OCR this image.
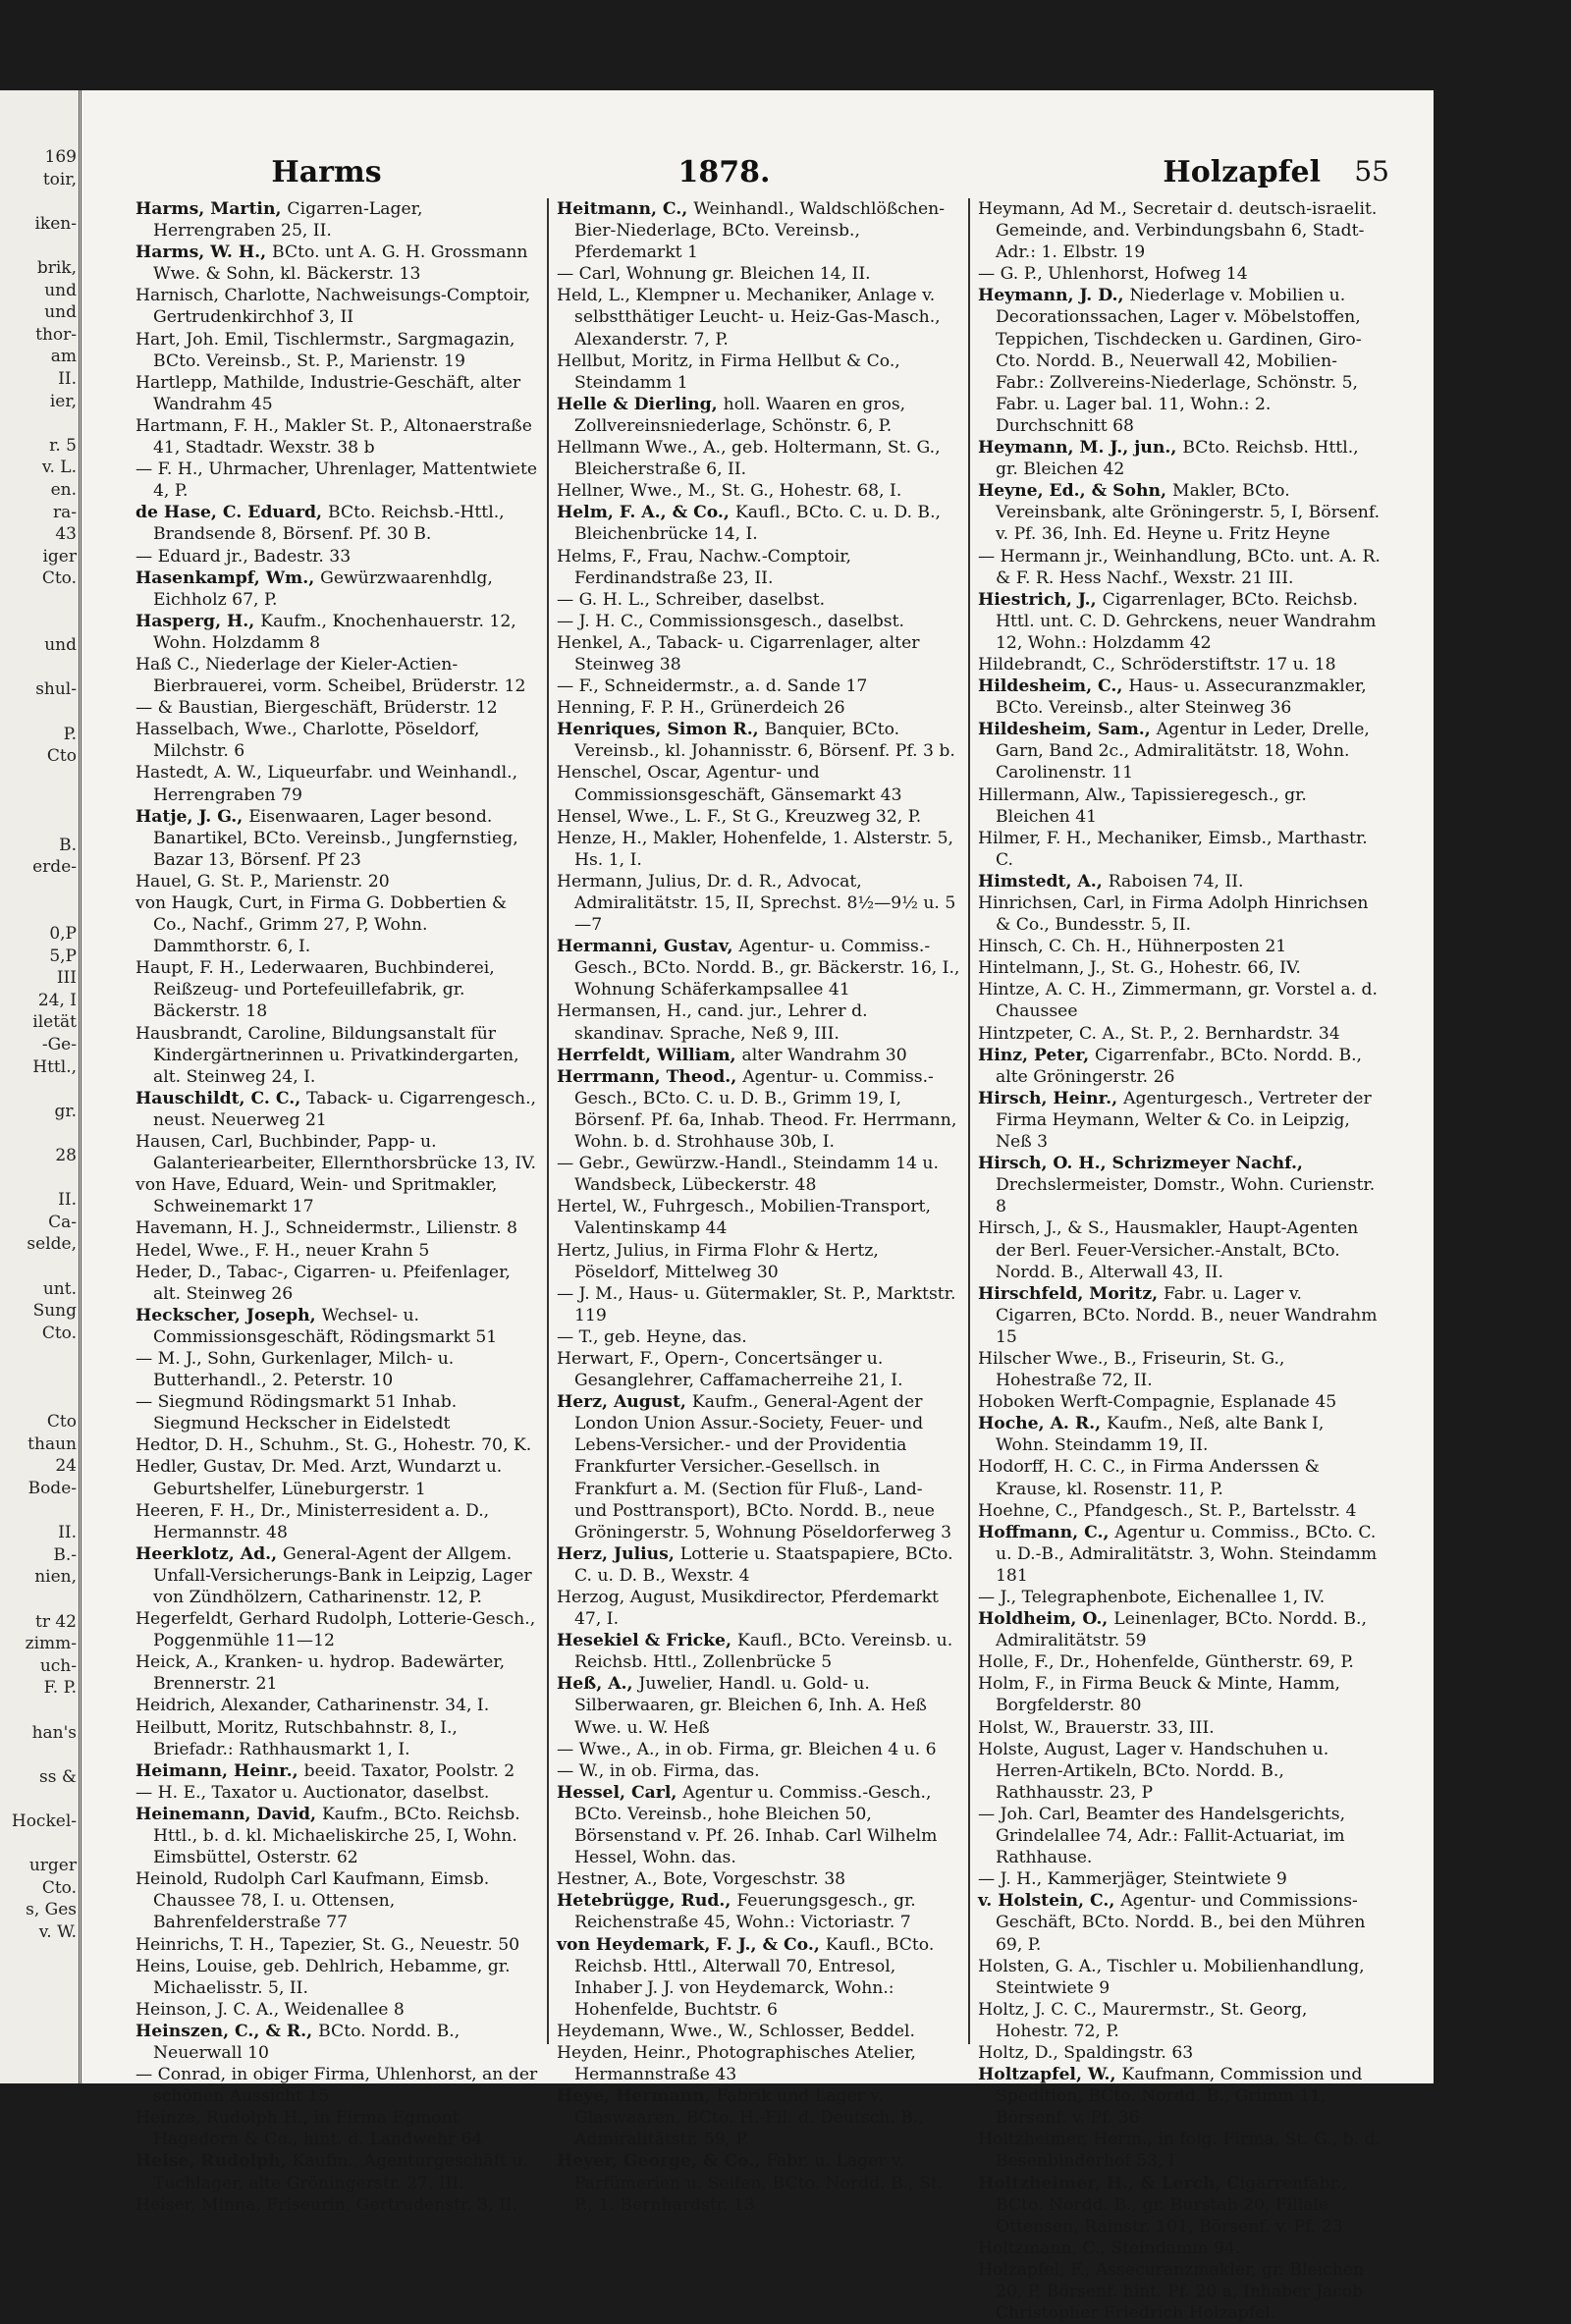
169
toir,
iken-
brik,
und
und
thor-
am
II.
ier,
r. 5
v. L.
en.
ra-
43
iger
Cto.
und
shul-
P.
Cto
B.
erde-
0,P
5,P
III
24, I
iletät
-Ge-
Httl.,
gr.
28
II.
Ca-
selde,
unt.
Sung
Cto.
Cto
thaun
24
Bode-
II.
B.-
nien,
tr 42
zimm-
uch-
F. P.
han's
ss &
Hockel-
urger
Cto.
s, Ges
v. W.
Harms	1878.	Holzapfel	55

Harms, Martin, Cigarren-Lager, Herrengraben 25, II.

Harms, W. H., BCto. unt A. G. H. Grossmann Wwe. & Sohn, kl. Bäckerstr. 13

Harnisch, Charlotte, Nachweisungs-Comptoir, Gertrudenkirchhof 3, II

Hart, Joh. Emil, Tischlermstr., Sargmagazin, BCto. Vereinsb., St. P., Marienstr. 19

Hartlepp, Mathilde, Industrie-Geschäft, alter Wandrahm 45

Hartmann, F. H., Makler St. P., Altonaerstraße 41, Stadtadr. Wexstr. 38 b

— F. H., Uhrmacher, Uhrenlager, Mattentwiete 4, P.

de Hase, C. Eduard, BCto. Reichsb.-Httl., Brandsende 8, Börsenf. Pf. 30 B.

— Eduard jr., Badestr. 33

Hasenkampf, Wm., Gewürzwaarenhdlg, Eichholz 67, P.

Hasperg, H., Kaufm., Knochenhauerstr. 12, Wohn. Holzdamm 8

Haß C., Niederlage der Kieler-Actien-Bierbrauerei, vorm. Scheibel, Brüderstr. 12

— & Baustian, Biergeschäft, Brüderstr. 12

Hasselbach, Wwe., Charlotte, Pöseldorf, Milchstr. 6

Hastedt, A. W., Liqueurfabr. und Weinhandl., Herrengraben 79

Hatje, J. G., Eisenwaaren, Lager besond. Banartikel, BCto. Vereinsb., Jungfernstieg, Bazar 13, Börsenf. Pf 23

Hauel, G. St. P., Marienstr. 20

von Haugk, Curt, in Firma G. Dobbertien & Co., Nachf., Grimm 27, P, Wohn. Dammthorstr. 6, I.

Haupt, F. H., Lederwaaren, Buchbinderei, Reißzeug- und Portefeuillefabrik, gr. Bäckerstr. 18

Hausbrandt, Caroline, Bildungsanstalt für Kindergärtnerinnen u. Privatkindergarten, alt. Steinweg 24, I.

Hauschildt, C. C., Taback- u. Cigarrengesch., neust. Neuerweg 21

Hausen, Carl, Buchbinder, Papp- u. Galanteriearbeiter, Ellernthorsbrücke 13, IV.

von Have, Eduard, Wein- und Spritmakler, Schweinemarkt 17

Havemann, H. J., Schneidermstr., Lilienstr. 8

Hedel, Wwe., F. H., neuer Krahn 5

Heder, D., Tabac-, Cigarren- u. Pfeifenlager, alt. Steinweg 26

Heckscher, Joseph, Wechsel- u. Commissionsgeschäft, Rödingsmarkt 51

— M. J., Sohn, Gurkenlager, Milch- u. Butterhandl., 2. Peterstr. 10

— Siegmund Rödingsmarkt 51 Inhab. Siegmund Heckscher in Eidelstedt

Hedtor, D. H., Schuhm., St. G., Hohestr. 70, K.

Hedler, Gustav, Dr. Med. Arzt, Wundarzt u. Geburtshelfer, Lüneburgerstr. 1

Heeren, F. H., Dr., Ministerresident a. D., Hermannstr. 48

Heerklotz, Ad., General-Agent der Allgem. Unfall-Versicherungs-Bank in Leipzig, Lager von Zündhölzern, Catharinenstr. 12, P.

Hegerfeldt, Gerhard Rudolph, Lotterie-Gesch., Poggenmühle 11—12

Heick, A., Kranken- u. hydrop. Badewärter, Brennerstr. 21

Heidrich, Alexander, Catharinenstr. 34, I.

Heilbutt, Moritz, Rutschbahnstr. 8, I., Briefadr.: Rathhausmarkt 1, I.

Heimann, Heinr., beeid. Taxator, Poolstr. 2

— H. E., Taxator u. Auctionator, daselbst.

Heinemann, David, Kaufm., BCto. Reichsb. Httl., b. d. kl. Michaeliskirche 25, I, Wohn. Eimsbüttel, Osterstr. 62

Heinold, Rudolph Carl Kaufmann, Eimsb. Chaussee 78, I. u. Ottensen, Bahrenfelderstraße 77

Heinrichs, T. H., Tapezier, St. G., Neuestr. 50

Heins, Louise, geb. Dehlrich, Hebamme, gr. Michaelisstr. 5, II.

Heinson, J. C. A., Weidenallee 8

Heinszen, C., & R., BCto. Nordd. B., Neuerwall 10

— Conrad, in obiger Firma, Uhlenhorst, an der schönen Aussicht 15

Heinze, Rudolph H., in Firma Egmont Hagedorn & Co., hint. d. Landwehr 64

Heise, Rudolph, Kaufm., Agenturgeschäft u. Tuchlager, alte Gröningerstr. 27, III.

Heiser, Minna, Friseurin, Gertrudenstr. 3, II.

Heitmann, C., Weinhandl., Waldschlößchen-Bier-Niederlage, BCto. Vereinsb., Pferdemarkt 1

— Carl, Wohnung gr. Bleichen 14, II.

Held, L., Klempner u. Mechaniker, Anlage v. selbstthätiger Leucht- u. Heiz-Gas-Masch., Alexanderstr. 7, P.

Hellbut, Moritz, in Firma Hellbut & Co., Steindamm 1

Helle & Dierling, holl. Waaren en gros, Zollvereinsniederlage, Schönstr. 6, P.

Hellmann Wwe., A., geb. Holtermann, St. G., Bleicherstraße 6, II.

Hellner, Wwe., M., St. G., Hohestr. 68, I.

Helm, F. A., & Co., Kaufl., BCto. C. u. D. B., Bleichenbrücke 14, I.

Helms, F., Frau, Nachw.-Comptoir, Ferdinandstraße 23, II.

— G. H. L., Schreiber, daselbst.

— J. H. C., Commissionsgesch., daselbst.

Henkel, A., Taback- u. Cigarrenlager, alter Steinweg 38

— F., Schneidermstr., a. d. Sande 17

Henning, F. P. H., Grünerdeich 26

Henriques, Simon R., Banquier, BCto. Vereinsb., kl. Johannisstr. 6, Börsenf. Pf. 3 b.

Henschel, Oscar, Agentur- und Commissionsgeschäft, Gänsemarkt 43

Hensel, Wwe., L. F., St G., Kreuzweg 32, P.

Henze, H., Makler, Hohenfelde, 1. Alsterstr. 5, Hs. 1, I.

Hermann, Julius, Dr. d. R., Advocat, Admiralitätstr. 15, II, Sprechst. 8½—9½ u. 5—7

Hermanni, Gustav, Agentur- u. Commiss.-Gesch., BCto. Nordd. B., gr. Bäckerstr. 16, I., Wohnung Schäferkampsallee 41

Hermansen, H., cand. jur., Lehrer d. skandinav. Sprache, Neß 9, III.

Herrfeldt, William, alter Wandrahm 30

Herrmann, Theod., Agentur- u. Commiss.-Gesch., BCto. C. u. D. B., Grimm 19, I, Börsenf. Pf. 6a, Inhab. Theod. Fr. Herrmann, Wohn. b. d. Strohhause 30b, I.

— Gebr., Gewürzw.-Handl., Steindamm 14 u. Wandsbeck, Lübeckerstr. 48

Hertel, W., Fuhrgesch., Mobilien-Transport, Valentinskamp 44

Hertz, Julius, in Firma Flohr & Hertz, Pöseldorf, Mittelweg 30

— J. M., Haus- u. Gütermakler, St. P., Marktstr. 119

— T., geb. Heyne, das.

Herwart, F., Opern-, Concertsänger u. Gesanglehrer, Caffamacherreihe 21, I.

Herz, August, Kaufm., General-Agent der London Union Assur.-Society, Feuer- und Lebens-Versicher.- und der Providentia Frankfurter Versicher.-Gesellsch. in Frankfurt a. M. (Section für Fluß-, Land- und Posttransport), BCto. Nordd. B., neue Gröningerstr. 5, Wohnung Pöseldorferweg 3

Herz, Julius, Lotterie u. Staatspapiere, BCto. C. u. D. B., Wexstr. 4

Herzog, August, Musikdirector, Pferdemarkt 47, I.

Hesekiel & Fricke, Kaufl., BCto. Vereinsb. u. Reichsb. Httl., Zollenbrücke 5

Heß, A., Juwelier, Handl. u. Gold- u. Silberwaaren, gr. Bleichen 6, Inh. A. Heß Wwe. u. W. Heß

— Wwe., A., in ob. Firma, gr. Bleichen 4 u. 6

— W., in ob. Firma, das.

Hessel, Carl, Agentur u. Commiss.-Gesch., BCto. Vereinsb., hohe Bleichen 50, Börsenstand v. Pf. 26. Inhab. Carl Wilhelm Hessel, Wohn. das.

Hestner, A., Bote, Vorgeschstr. 38

Hetebrügge, Rud., Feuerungsgesch., gr. Reichenstraße 45, Wohn.: Victoriastr. 7

von Heydemark, F. J., & Co., Kaufl., BCto. Reichsb. Httl., Alterwall 70, Entresol, Inhaber J. J. von Heydemarck, Wohn.: Hohenfelde, Buchtstr. 6

Heydemann, Wwe., W., Schlosser, Beddel.

Heyden, Heinr., Photographisches Atelier, Hermannstraße 43

Heye, Hermann, Fabrik und Lager v. Glaswaaren, BCto. H.-Fil. d. Deutsch. B., Admiralitätstr. 59, P.

Heyer, George, & Co., Fabr. u. Lager v. Parfümerien u. Seifen, BCto. Nordd. B., St. P., 1. Bernhardstr. 13

Heymann, Ad M., Secretair d. deutsch-israelit. Gemeinde, and. Verbindungsbahn 6, Stadt-Adr.: 1. Elbstr. 19

— G. P., Uhlenhorst, Hofweg 14

Heymann, J. D., Niederlage v. Mobilien u. Decorationssachen, Lager v. Möbelstoffen, Teppichen, Tischdecken u. Gardinen, Giro-Cto. Nordd. B., Neuerwall 42, Mobilien-Fabr.: Zollvereins-Niederlage, Schönstr. 5, Fabr. u. Lager bal. 11, Wohn.: 2. Durchschnitt 68

Heymann, M. J., jun., BCto. Reichsb. Httl., gr. Bleichen 42

Heyne, Ed., & Sohn, Makler, BCto. Vereinsbank, alte Gröningerstr. 5, I, Börsenf. v. Pf. 36, Inh. Ed. Heyne u. Fritz Heyne

— Hermann jr., Weinhandlung, BCto. unt. A. R. & F. R. Hess Nachf., Wexstr. 21 III.

Hiestrich, J., Cigarrenlager, BCto. Reichsb. Httl. unt. C. D. Gehrckens, neuer Wandrahm 12, Wohn.: Holzdamm 42

Hildebrandt, C., Schröderstiftstr. 17 u. 18

Hildesheim, C., Haus- u. Assecuranzmakler, BCto. Vereinsb., alter Steinweg 36

Hildesheim, Sam., Agentur in Leder, Drelle, Garn, Band 2c., Admiralitätstr. 18, Wohn. Carolinenstr. 11

Hillermann, Alw., Tapissieregesch., gr. Bleichen 41

Hilmer, F. H., Mechaniker, Eimsb., Marthastr. C.

Himstedt, A., Raboisen 74, II.

Hinrichsen, Carl, in Firma Adolph Hinrichsen & Co., Bundesstr. 5, II.

Hinsch, C. Ch. H., Hühnerposten 21

Hintelmann, J., St. G., Hohestr. 66, IV.

Hintze, A. C. H., Zimmermann, gr. Vorstel a. d. Chaussee

Hintzpeter, C. A., St. P., 2. Bernhardstr. 34

Hinz, Peter, Cigarrenfabr., BCto. Nordd. B., alte Gröningerstr. 26

Hirsch, Heinr., Agenturgesch., Vertreter der Firma Heymann, Welter & Co. in Leipzig, Neß 3

Hirsch, O. H., Schrizmeyer Nachf., Drechslermeister, Domstr., Wohn. Curienstr. 8

Hirsch, J., & S., Hausmakler, Haupt-Agenten der Berl. Feuer-Versicher.-Anstalt, BCto. Nordd. B., Alterwall 43, II.

Hirschfeld, Moritz, Fabr. u. Lager v. Cigarren, BCto. Nordd. B., neuer Wandrahm 15

Hilscher Wwe., B., Friseurin, St. G., Hohestraße 72, II.

Hoboken Werft-Compagnie, Esplanade 45

Hoche, A. R., Kaufm., Neß, alte Bank I, Wohn. Steindamm 19, II.

Hodorff, H. C. C., in Firma Anderssen & Krause, kl. Rosenstr. 11, P.

Hoehne, C., Pfandgesch., St. P., Bartelsstr. 4

Hoffmann, C., Agentur u. Commiss., BCto. C. u. D.-B., Admiralitätstr. 3, Wohn. Steindamm 181

— J., Telegraphenbote, Eichenallee 1, IV.

Holdheim, O., Leinenlager, BCto. Nordd. B., Admiralitätstr. 59

Holle, F., Dr., Hohenfelde, Güntherstr. 69, P.

Holm, F., in Firma Beuck & Minte, Hamm, Borgfelderstr. 80

Holst, W., Brauerstr. 33, III.

Holste, August, Lager v. Handschuhen u. Herren-Artikeln, BCto. Nordd. B., Rathhausstr. 23, P

— Joh. Carl, Beamter des Handelsgerichts, Grindelallee 74, Adr.: Fallit-Actuariat, im Rathhause.

— J. H., Kammerjäger, Steintwiete 9

v. Holstein, C., Agentur- und Commissions-Geschäft, BCto. Nordd. B., bei den Mühren 69, P.

Holsten, G. A., Tischler u. Mobilienhandlung, Steintwiete 9

Holtz, J. C. C., Maurermstr., St. Georg, Hohestr. 72, P.

Holtz, D., Spaldingstr. 63

Holtzapfel, W., Kaufmann, Commission und Spedition, BCto. Nordd. B., Grimm 11, Börsenf. v. Pf. 36

Holtzheimer, Herm., in folg. Firma, St. G., b. d. Besenbinderhof 53, I

Holtzheimer, H., & Lerch, Cigarrenfabr., BCto. Nordd. B., gr. Burstah 20, Filiale Ottensen, Rainstr. 101, Börsenf. v. Pf. 23

Holtzmann, C., Steindamm 94.

Holzapfel, F., Assecuranzmakler, gr. Bleichen 20, P, Börsenf. hint. Pf. 20 a, Inhaber Jacob Christopher Friedrich Holzapfel.
